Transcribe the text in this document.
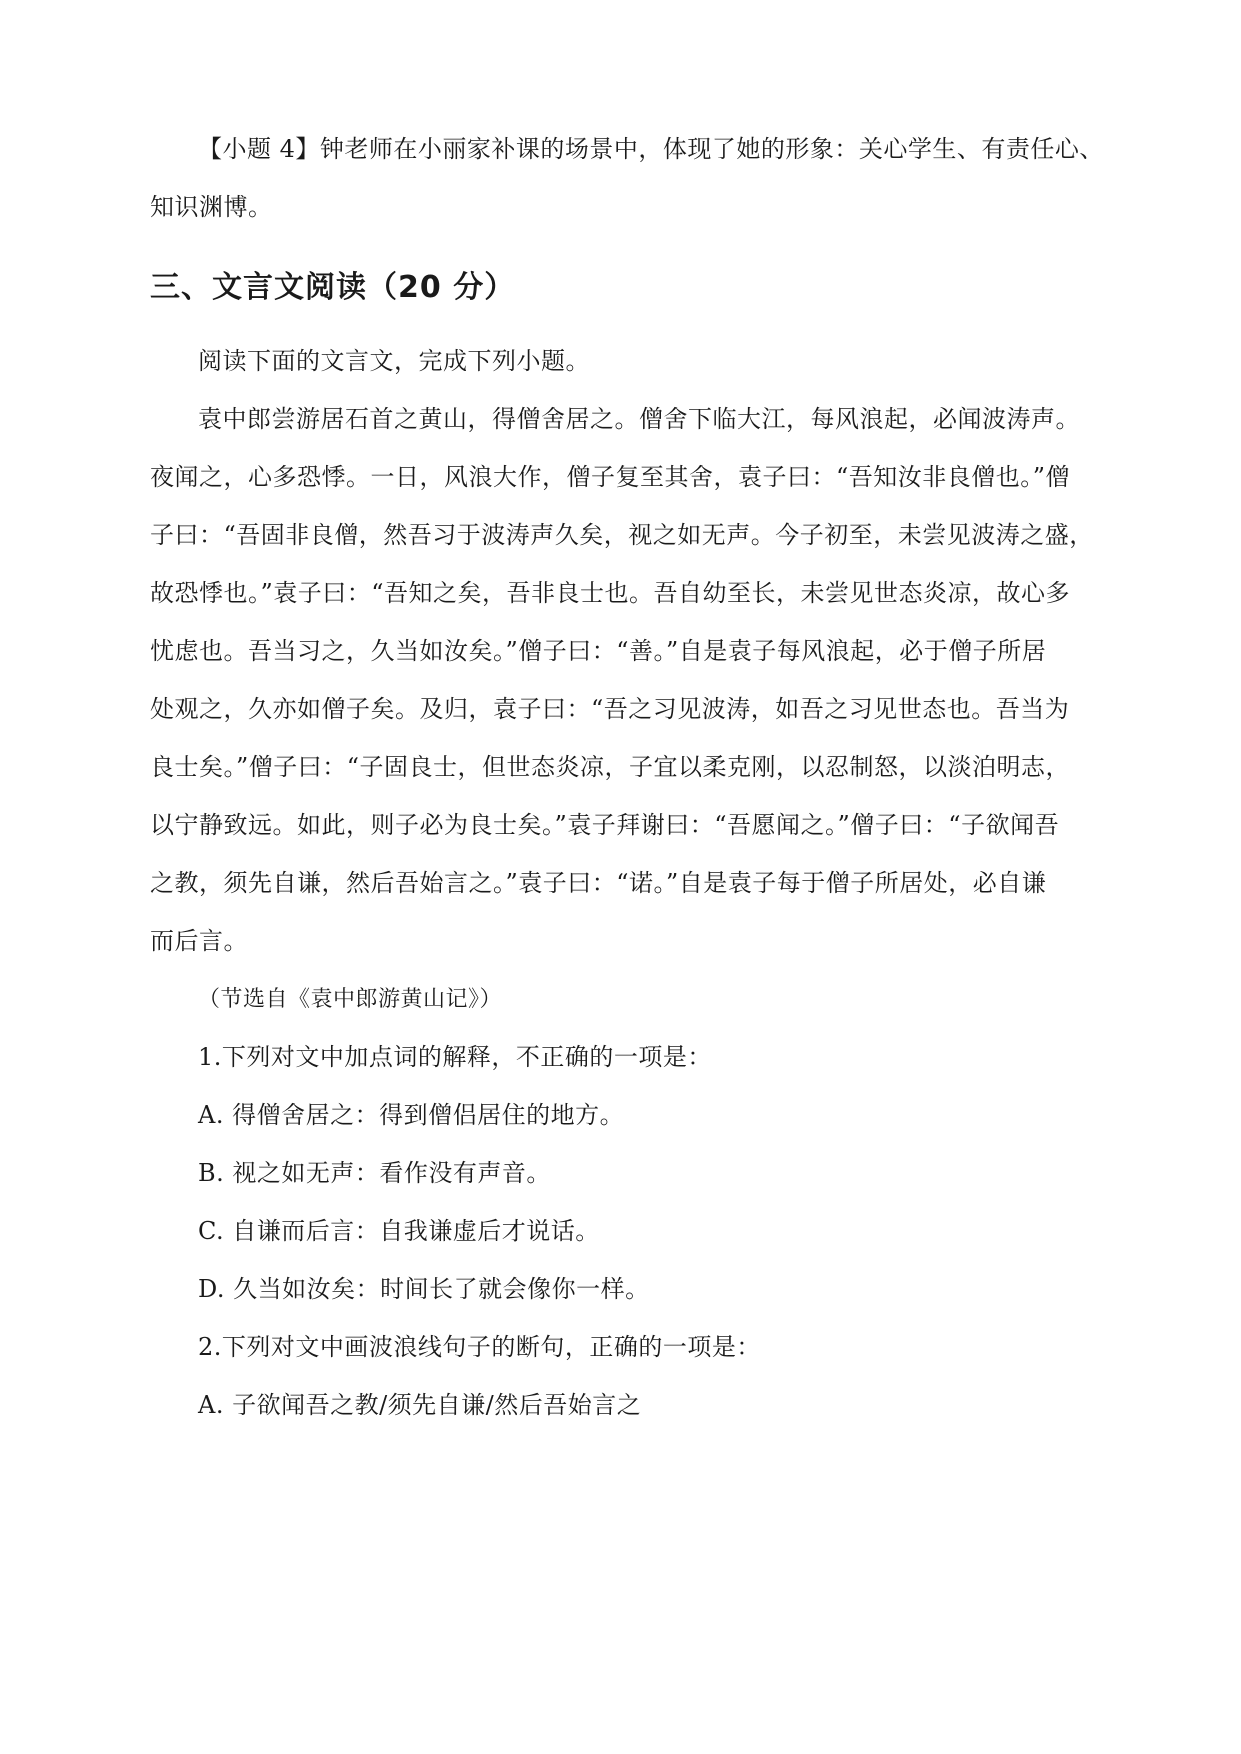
【小题 4】钟老师在小丽家补课的场景中，体现了她的形象：关心学生、有责任心、
知识渊博。
三、文言文阅读（20 分）
阅读下面的文言文，完成下列小题。
袁中郎尝游居石首之黄山，得僧舍居之。僧舍下临大江，每风浪起，必闻波涛声。
夜闻之，心多恐悸。一日，风浪大作，僧子复至其舍，袁子曰：“吾知汝非良僧也。”僧
子曰：“吾固非良僧，然吾习于波涛声久矣，视之如无声。今子初至，未尝见波涛之盛，
故恐悸也。”袁子曰：“吾知之矣，吾非良士也。吾自幼至长，未尝见世态炎凉，故心多
忧虑也。吾当习之，久当如汝矣。”僧子曰：“善。”自是袁子每风浪起，必于僧子所居
处观之，久亦如僧子矣。及归，袁子曰：“吾之习见波涛，如吾之习见世态也。吾当为
良士矣。”僧子曰：“子固良士，但世态炎凉，子宜以柔克刚，以忍制怒，以淡泊明志，
以宁静致远。如此，则子必为良士矣。”袁子拜谢曰：“吾愿闻之。”僧子曰：“子欲闻吾
之教，须先自谦，然后吾始言之。”袁子曰：“诺。”自是袁子每于僧子所居处，必自谦
而后言。
（节选自《袁中郎游黄山记》）
1.下列对文中加点词的解释，不正确的一项是：
A. 得僧舍居之：得到僧侣居住的地方。
B. 视之如无声：看作没有声音。
C. 自谦而后言：自我谦虚后才说话。
D. 久当如汝矣：时间长了就会像你一样。
2.下列对文中画波浪线句子的断句，正确的一项是：
A. 子欲闻吾之教/须先自谦/然后吾始言之
